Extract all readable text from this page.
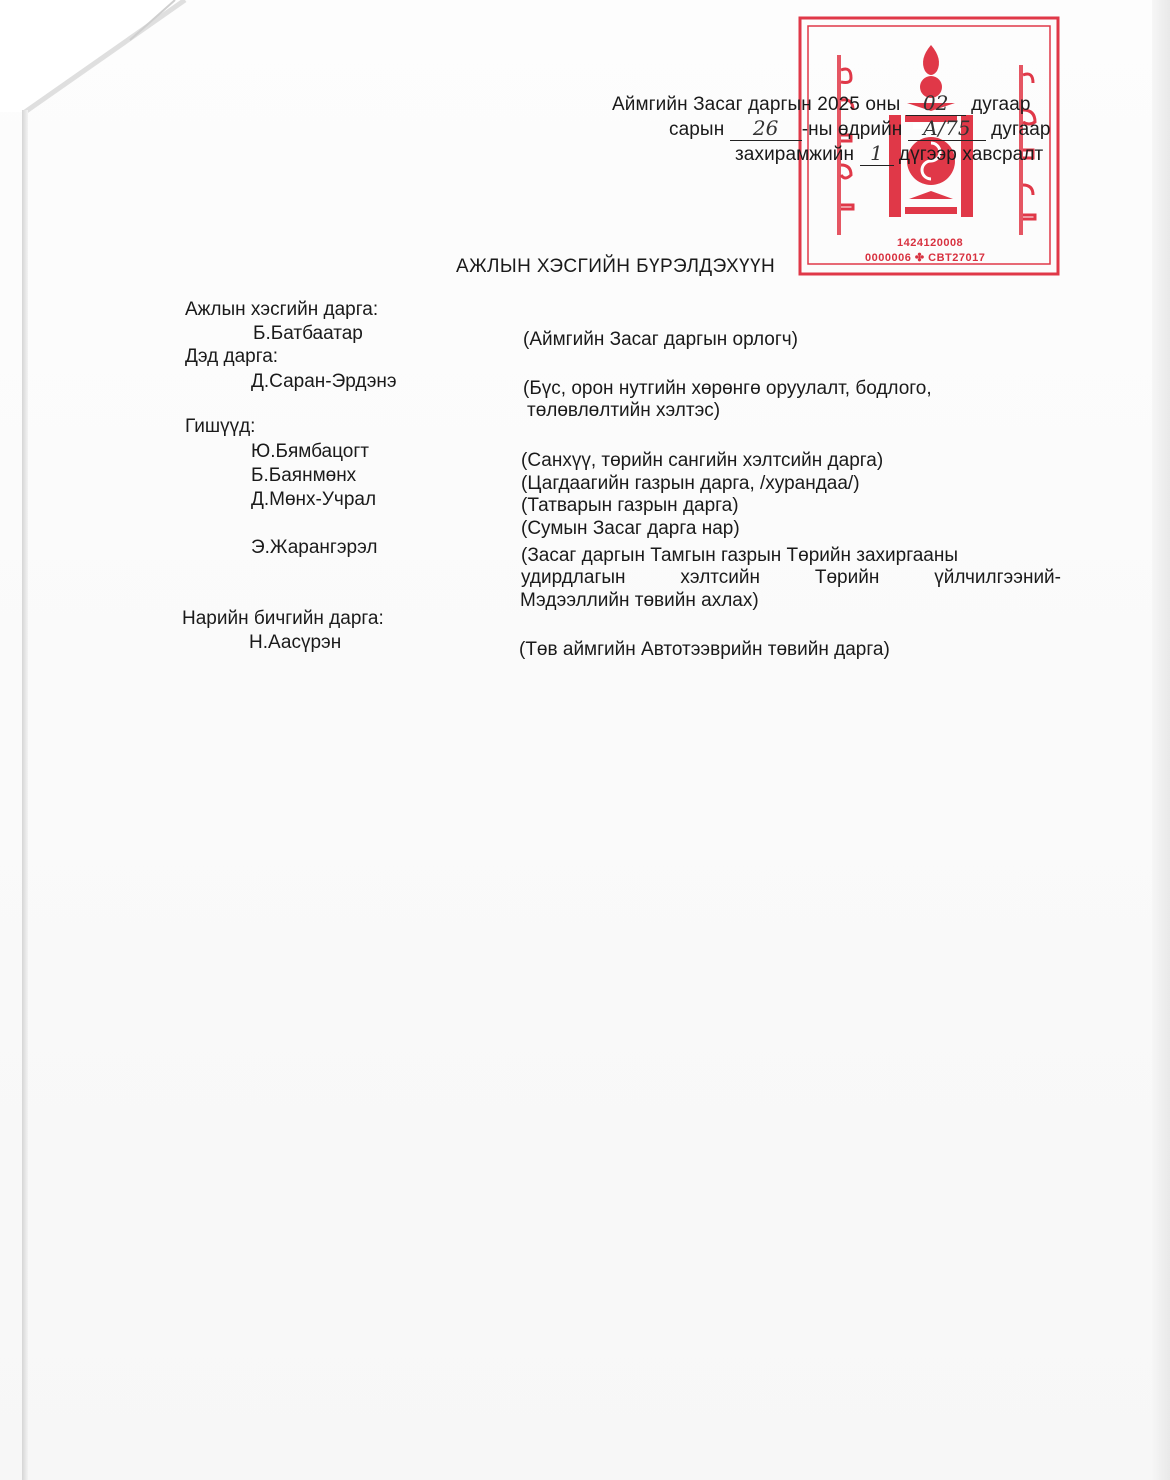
1424120008
0000006 ✤ CBT27017
Аймгийн Засаг даргын 2025 оны 02 дугаар
сарын 26 -ны өдрийн А/75 дугаар
захирамжийн 1 дүгээр хавсралт
АЖЛЫН ХЭСГИЙН БҮРЭЛДЭХҮҮН
Ажлын хэсгийн дарга:
Б.Батбаатар	(Аймгийн Засаг даргын орлогч)
Дэд дарга:
Д.Саран-Эрдэнэ	(Бүс, орон нутгийн хөрөнгө оруулалт, бодлого,
төлөвлөлтийн хэлтэс)
Гишүүд:
Ю.Бямбацогт	(Санхүү, төрийн сангийн хэлтсийн дарга)
Б.Баянмөнх	(Цагдаагийн газрын дарга, /хурандаа/)
Д.Мөнх-Учрал	(Татварын газрын дарга)
(Сумын Засаг дарга нар)
Э.Жарангэрэл	(Засаг даргын Тамгын газрын Төрийн захиргааны
удирдлагын хэлтсийн Төрийн үйлчилгээний-
Мэдээллийн төвийн ахлах)
Нарийн бичгийн дарга:
Н.Аасүрэн	(Төв аймгийн Автотээврийн төвийн дарга)
